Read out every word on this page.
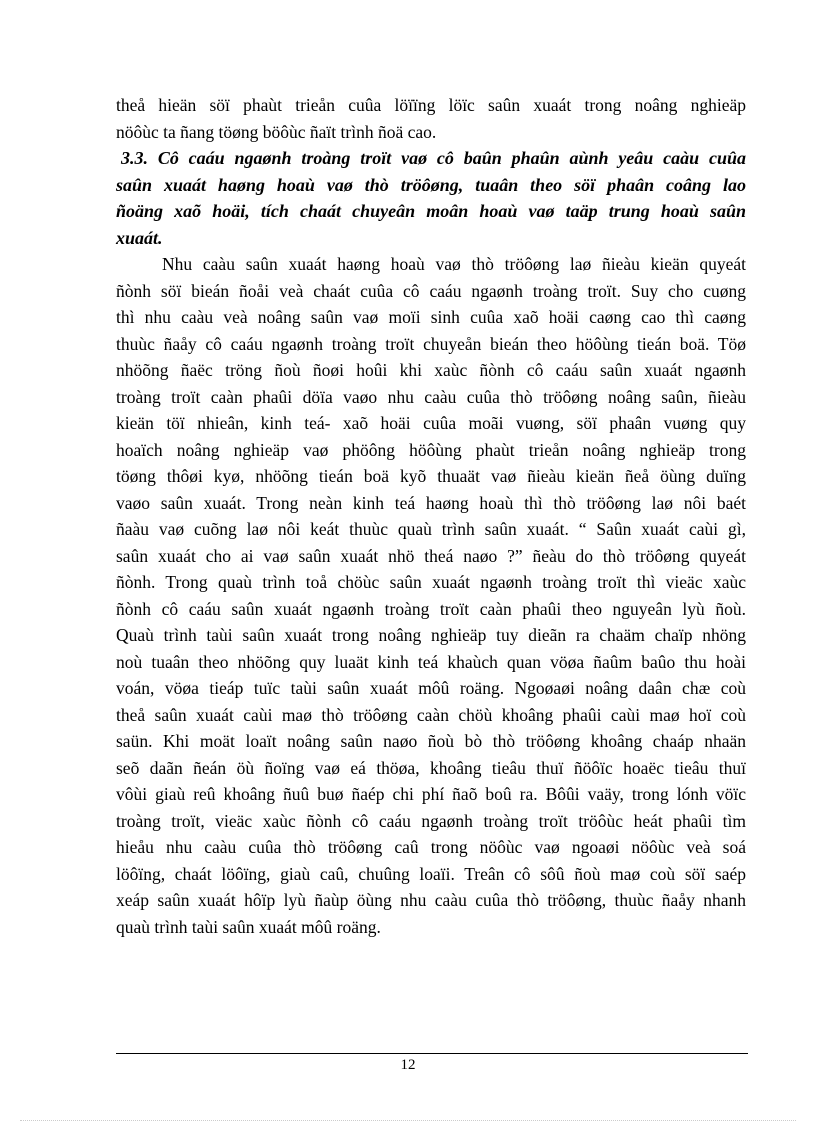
theå hieän söï phaùt trieån cuûa löïïng löïc saûn xuaát trong noâng nghieäp
nöôùc ta ñang töøng böôùc ñaït trình ñoä cao.
3.3. Cô caáu ngaønh troàng troït vaø cô baûn phaûn aùnh yeâu caàu cuûa
saûn xuaát haøng hoaù vaø thò tröôøng, tuaân theo söï phaân coâng lao
ñoäng xaõ hoäi, tích chaát chuyeân moân hoaù vaø taäp trung hoaù saûn
xuaát.
Nhu caàu saûn xuaát haøng hoaù vaø thò tröôøng laø ñieàu kieän quyeát
ñònh söï bieán ñoåi veà chaát cuûa cô caáu ngaønh troàng troït. Suy cho cuøng
thì nhu caàu veà noâng saûn vaø moïi sinh cuûa xaõ hoäi caøng cao thì caøng
thuùc ñaåy cô caáu ngaønh troàng troït chuyeån bieán theo höôùng tieán boä. Töø
nhöõng ñaëc tröng ñoù ñoøi hoûi khi xaùc ñònh cô caáu saûn xuaát ngaønh
troàng troït caàn phaûi döïa vaøo nhu caàu cuûa thò tröôøng noâng saûn, ñieàu
kieän töï nhieân, kinh teá- xaõ hoäi cuûa moãi vuøng, söï phaân vuøng quy
hoaïch noâng nghieäp vaø phöông höôùng phaùt trieån noâng nghieäp trong
töøng thôøi kyø, nhöõng tieán boä kyõ thuaät vaø ñieàu kieän ñeå öùng duïng
vaøo saûn xuaát. Trong neàn kinh teá haøng hoaù thì thò tröôøng laø nôi baét
ñaàu vaø cuõng laø nôi keát thuùc quaù trình saûn xuaát. “ Saûn xuaát caùi gì,
saûn xuaát cho ai vaø saûn xuaát nhö theá naøo ?” ñeàu do thò tröôøng quyeát
ñònh. Trong quaù trình toå chöùc saûn xuaát ngaønh troàng troït thì vieäc xaùc
ñònh cô caáu saûn xuaát ngaønh troàng troït caàn phaûi theo nguyeân lyù ñoù.
Quaù trình taùi saûn xuaát trong noâng nghieäp tuy dieãn ra chaäm chaïp nhöng
noù tuaân theo nhöõng quy luaät kinh teá khaùch quan vöøa ñaûm baûo thu hoài
voán, vöøa tieáp tuïc taùi saûn xuaát môû roäng. Ngoøaøi noâng daân chæ coù
theå saûn xuaát caùi maø thò tröôøng caàn chöù khoâng phaûi caùi maø hoï coù
saün. Khi moät loaït noâng saûn naøo ñoù bò thò tröôøng khoâng chaáp nhaän
seõ daãn ñeán öù ñoïng vaø eá thöøa, khoâng tieâu thuï ñöôïc hoaëc tieâu thuï
vôùi giaù reû khoâng ñuû buø ñaép chi phí ñaõ boû ra. Bôûi vaäy, trong lónh vöïc
troàng troït, vieäc xaùc ñònh cô caáu ngaønh troàng troït tröôùc heát phaûi tìm
hieåu nhu caàu cuûa thò tröôøng caû trong nöôùc vaø ngoaøi nöôùc veà soá
löôïng, chaát löôïng, giaù caû, chuûng loaïi. Treân cô sôû ñoù maø coù söï saép
xeáp saûn xuaát hôïp lyù ñaùp öùng nhu caàu cuûa thò tröôøng, thuùc ñaåy nhanh
quaù trình taùi saûn xuaát môû roäng.
12
